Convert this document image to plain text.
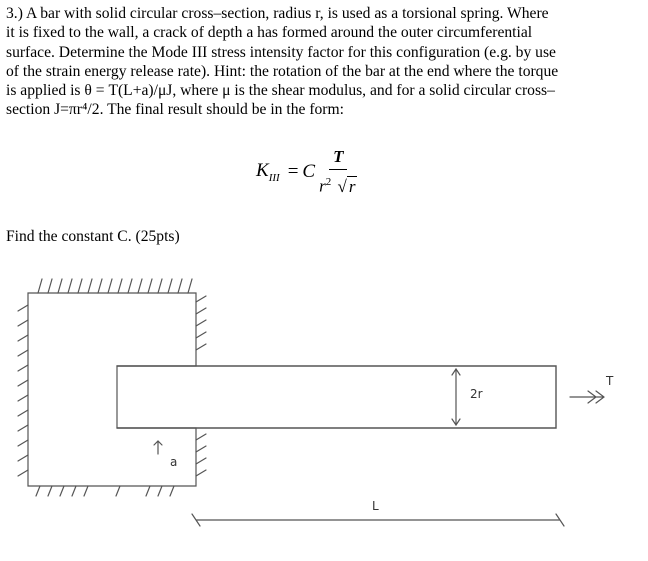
3.) A bar with solid circular cross–section, radius r, is used as a torsional spring. Where

it is fixed to the wall, a crack of depth a has formed around the outer circumferential

surface. Determine the Mode III stress intensity factor for this configuration (e.g. by use

of the strain energy release rate). Hint: the rotation of the bar at the end where the torque

is applied is θ = T(L+a)/μJ, where μ is the shear modulus, and for a solid circular cross–

section J=πr⁴/2. The final result should be in the form:

$K_{III} = C \frac{T}{r^2 √ r}$
Find the constant C. (25pts)
a
2r
L
T
